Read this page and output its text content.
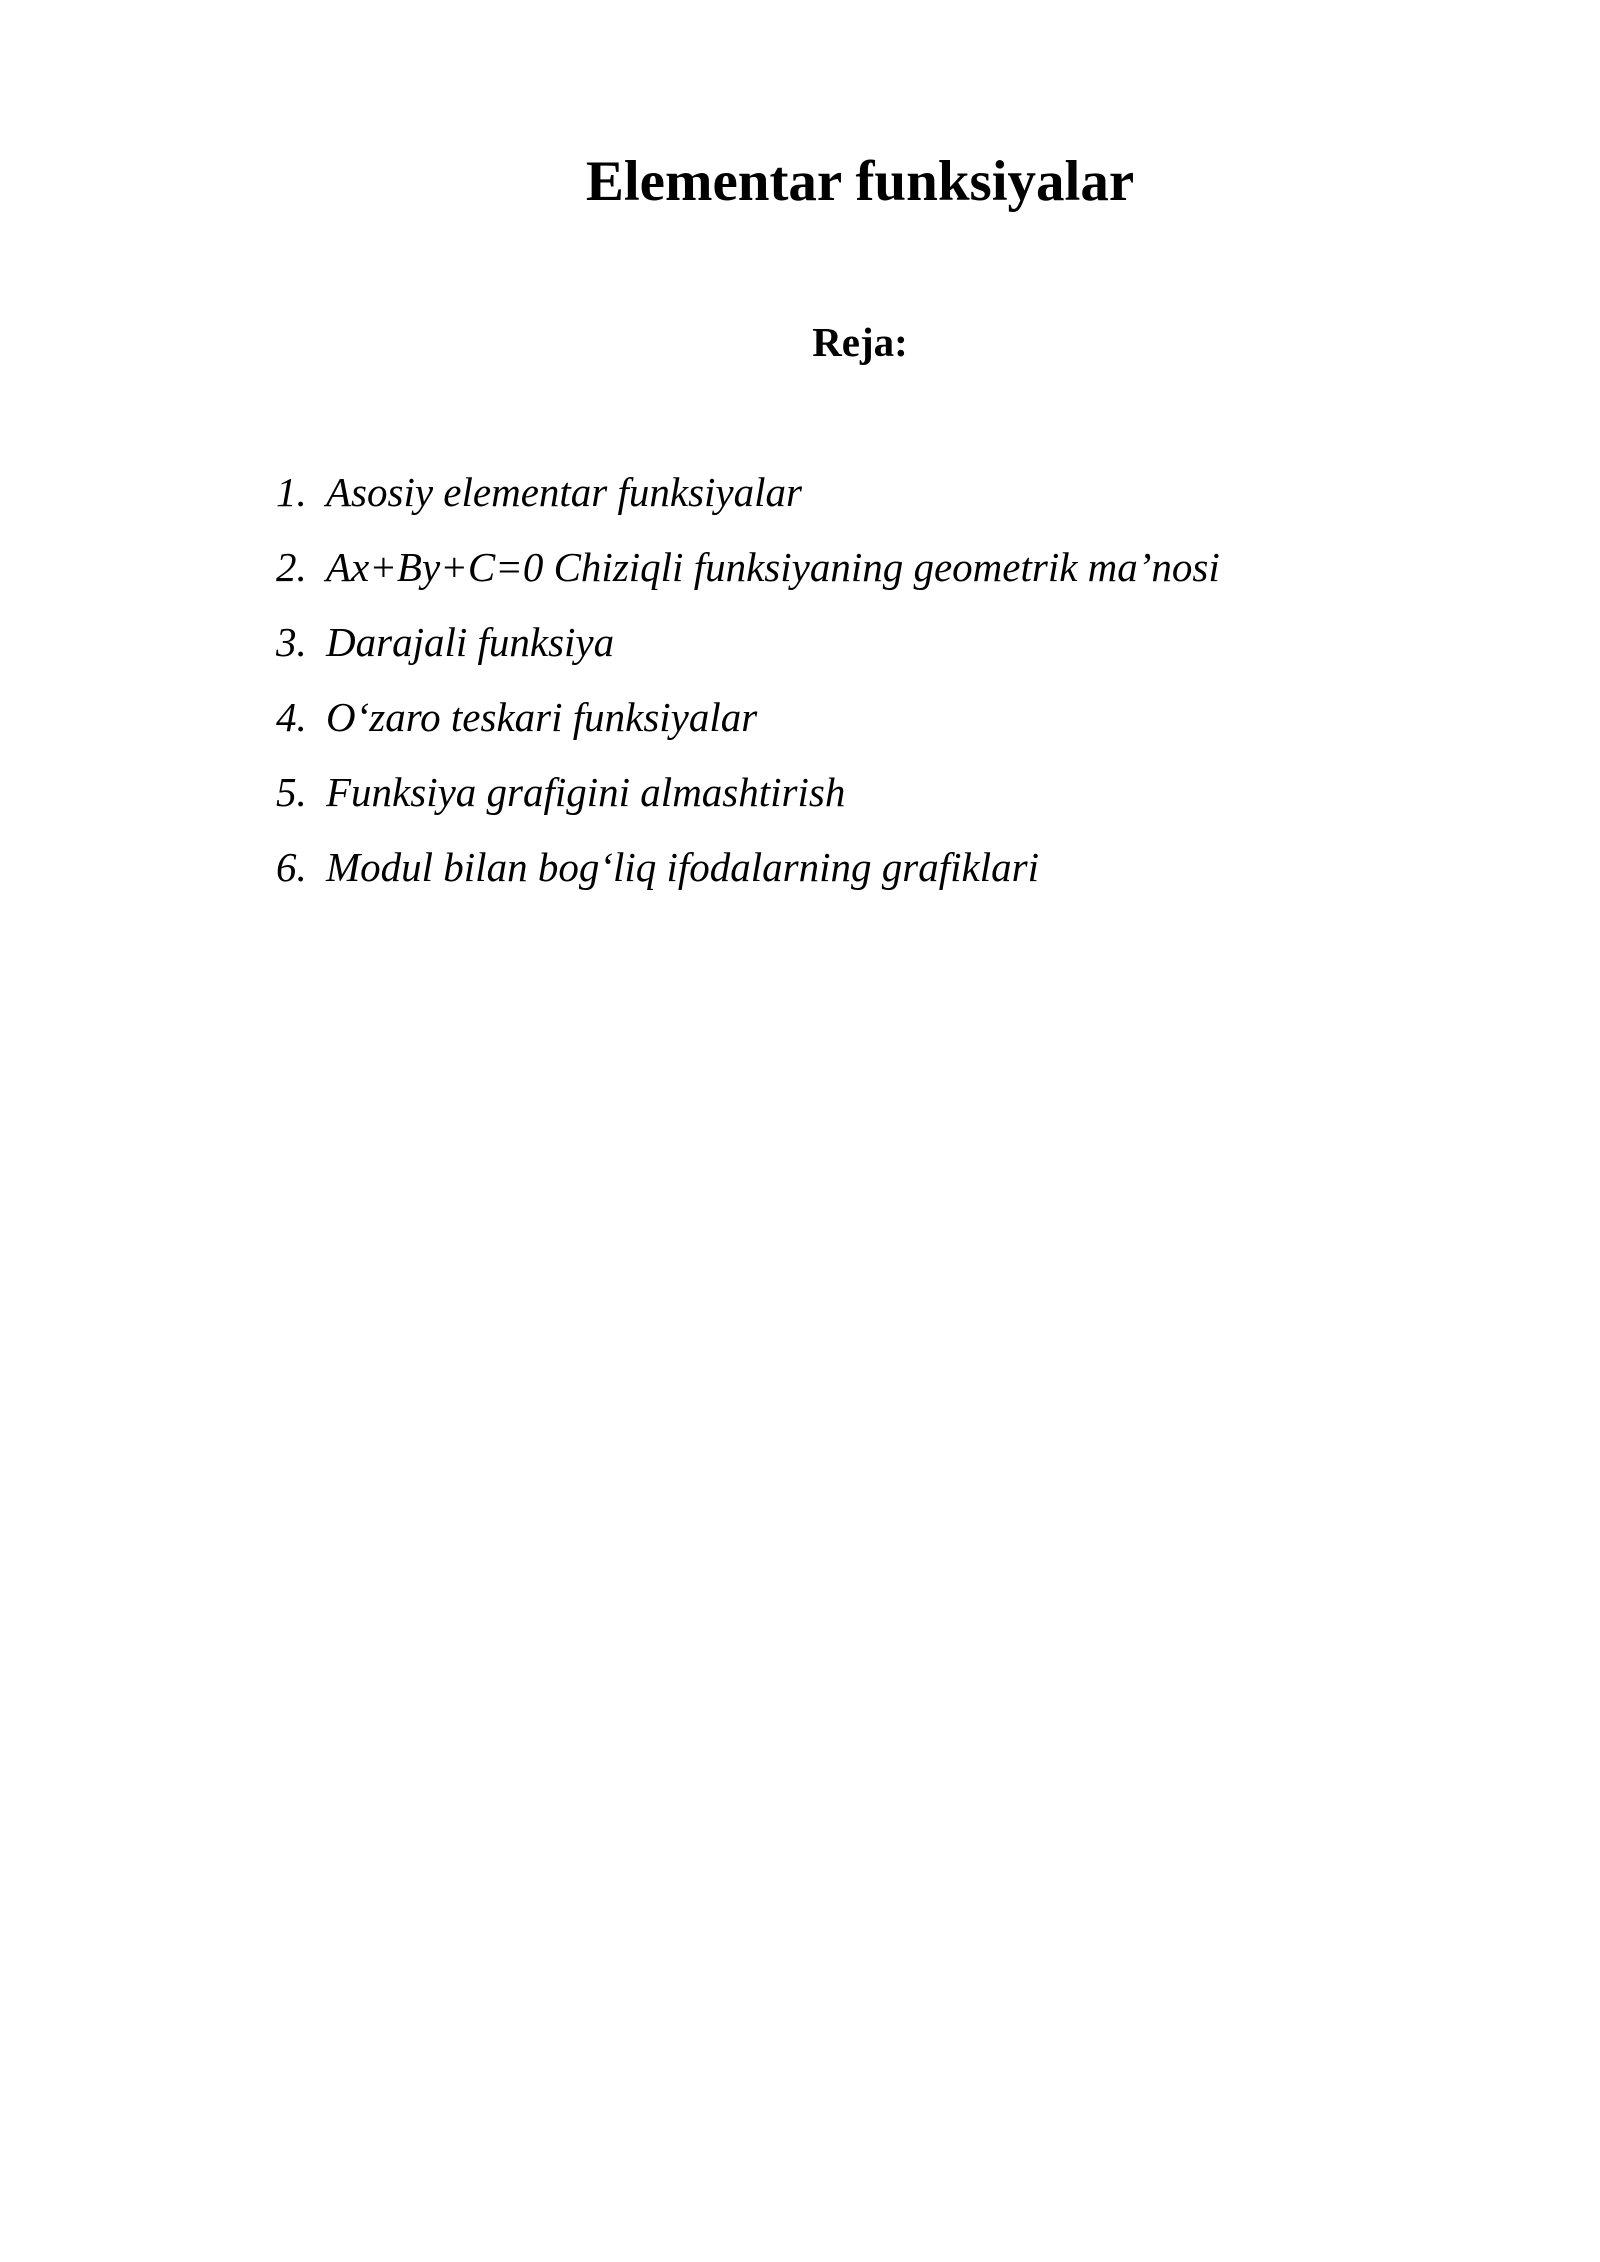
Elementar funksiyalar
Reja:
1. Asosiy elementar funksiyalar
2. Ax+By+C=0 Chiziqli funksiyaning geometrik ma’nosi
3. Darajali funksiya
4. O‘zaro teskari funksiyalar
5. Funksiya grafigini almashtirish
6. Modul bilan bog‘liq ifodalarning grafiklari
